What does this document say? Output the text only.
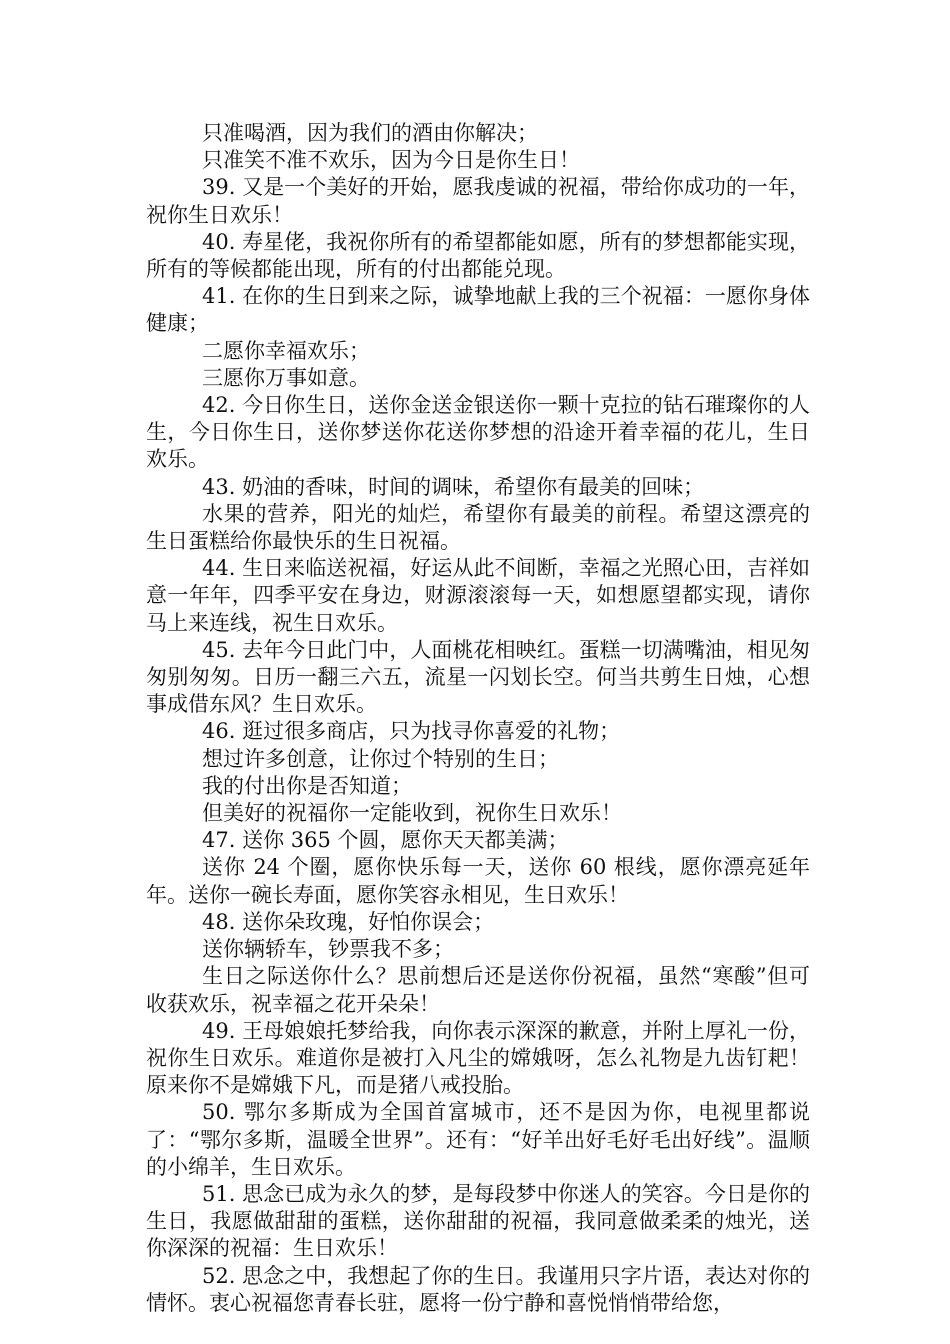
只准喝酒，因为我们的酒由你解决；

只准笑不准不欢乐，因为今日是你生日！

39. 又是一个美好的开始，愿我虔诚的祝福，带给你成功的一年，祝你生日欢乐！

40. 寿星佬，我祝你所有的希望都能如愿，所有的梦想都能实现，所有的等候都能出现，所有的付出都能兑现。

41. 在你的生日到来之际，诚挚地献上我的三个祝福：一愿你身体健康；

二愿你幸福欢乐；

三愿你万事如意。

42. 今日你生日，送你金送金银送你一颗十克拉的钻石璀璨你的人生，今日你生日，送你梦送你花送你梦想的沿途开着幸福的花儿，生日欢乐。

43. 奶油的香味，时间的调味，希望你有最美的回味；

水果的营养，阳光的灿烂，希望你有最美的前程。希望这漂亮的生日蛋糕给你最快乐的生日祝福。

44. 生日来临送祝福，好运从此不间断，幸福之光照心田，吉祥如意一年年，四季平安在身边，财源滚滚每一天，如想愿望都实现，请你马上来连线，祝生日欢乐。

45. 去年今日此门中，人面桃花相映红。蛋糕一切满嘴油，相见匆匆别匆匆。日历一翻三六五，流星一闪划长空。何当共剪生日烛，心想事成借东风？生日欢乐。

46. 逛过很多商店，只为找寻你喜爱的礼物；

想过许多创意，让你过个特别的生日；

我的付出你是否知道；

但美好的祝福你一定能收到，祝你生日欢乐！

47. 送你 365 个圆，愿你天天都美满；

送你 24 个圈，愿你快乐每一天，送你 60 根线，愿你漂亮延年年。送你一碗长寿面，愿你笑容永相见，生日欢乐！

48. 送你朵玫瑰，好怕你误会；

送你辆轿车，钞票我不多；

生日之际送你什么？思前想后还是送你份祝福，虽然“寒酸”但可收获欢乐，祝幸福之花开朵朵！

49. 王母娘娘托梦给我，向你表示深深的歉意，并附上厚礼一份，祝你生日欢乐。难道你是被打入凡尘的嫦娥呀，怎么礼物是九齿钉耙！原来你不是嫦娥下凡，而是猪八戒投胎。

50. 鄂尔多斯成为全国首富城市，还不是因为你，电视里都说了：“鄂尔多斯，温暖全世界”。还有：“好羊出好毛好毛出好线”。温顺的小绵羊，生日欢乐。

51. 思念已成为永久的梦，是每段梦中你迷人的笑容。今日是你的生日，我愿做甜甜的蛋糕，送你甜甜的祝福，我同意做柔柔的烛光，送你深深的祝福：生日欢乐！

52. 思念之中，我想起了你的生日。我谨用只字片语，表达对你的情怀。衷心祝福您青春长驻，愿将一份宁静和喜悦悄悄带给您，
